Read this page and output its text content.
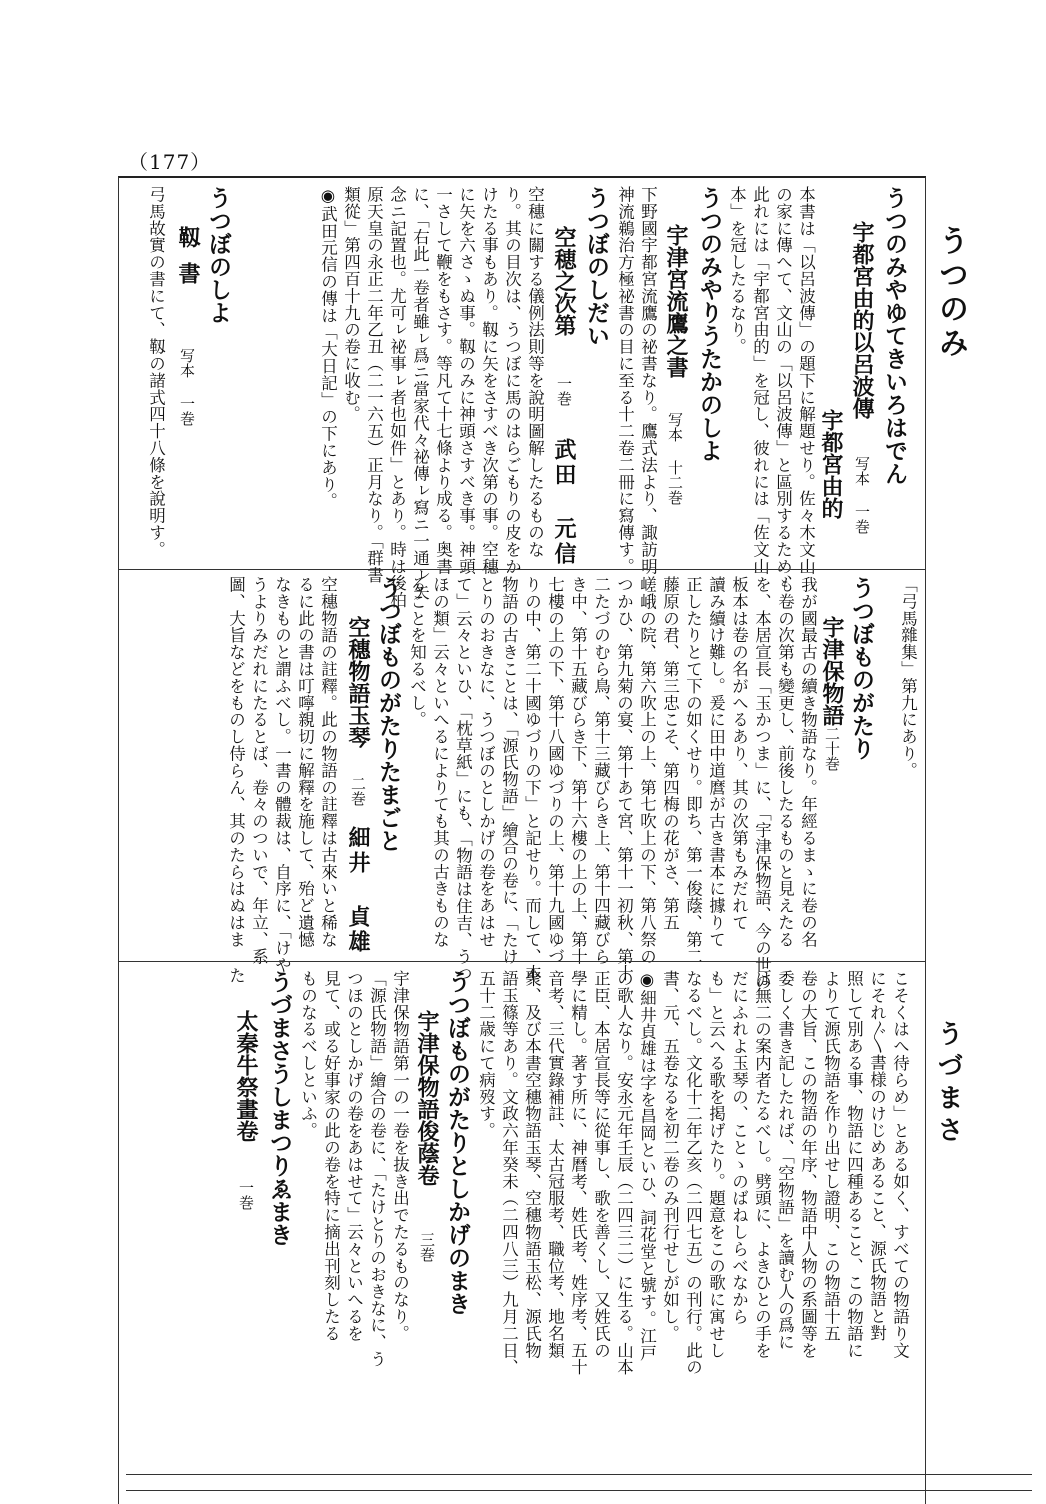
（177）
うつのみ
うづまさ
うつのみやゆてきいろはでん
宇都宮由的以呂波傳
写本 一巻
宇都宮由的
本書は「以呂波傳」の題下に解題せり。佐々木文山
の家に傳へて、文山の「以呂波傳」と區別するため、
此れには「宇都宮由的」を冠し、彼れには「佐文山
本」を冠したるなり。
うつのみやりうたかのしよ
宇津宮流鷹之書
写本 十二巻
下野國宇都宮流鷹の祕書なり。鷹式法より、諏訪明
神流鵜治方極祕書の目に至る十二卷二冊に寫傳す。
うつぼのしだい
空穂之次第
一巻
武田 元信
空穗に關する儀例法則等を說明圖解したるものな
り。其の目次は、うつぼに馬のはらごもりの皮をか
けたる事もあり。靱に矢をさすべき次第の事。空穗
に矢を六さゝぬ事。靱のみに神頭さすべき事。神頭
一さして鞭をもさす。等凡て十七條より成る。奥書
に、「右此一卷者雖ㇾ爲ニ當家代々祕傳ㇾ寫ニ一通ㇾ矢
念ニ記置也。尤可ㇾ祕事ㇾ者也如件」とあり。時は後柏
原天皇の永正二年乙丑（二一六五）正月なり。「群書
類從」第四百十九の卷に收む。
◉武田元信の傳は「大日記」の下にあり。
うつぼのしよ
靱書
写本 一巻
弓馬故實の書にて、靱の諸式四十八條を說明す。
「弓馬雜集」第九にあり。
うつぼものがたり
宇津保物語
二十巻
我が國最古の續き物語なり。年經るまゝに卷の名
も卷の次第も變更し、前後したるものと見えたる
を、本居宣長「玉かつま」に、「宇津保物語、今の世の
板本は卷の名がへるあり、其の次第もみだれて
讀み續け難し。爰に田中道麿が古き書本に據りて
正したりとて下の如くせり。即ち、第一俊蔭、第二
藤原の君、第三忠こそ、第四梅の花がさ、第五
嵯峨の院、第六吹上の上、第七吹上の下、第八祭の
つかひ、第九菊の宴、第十あて宮、第十一初秋、第十
二たづのむら鳥、第十三藏びらき上、第十四藏びら
き中、第十五藏びらき下、第十六樓の上の上、第十
七樓の上の下、第十八國ゆづりの上、第十九國ゆづ
りの中、第二十國ゆづりの下」と記せり。而して、本
物語の古きことは、「源氏物語」繪合の卷に、「たけ
とりのおきなに、うつぼのとしかげの卷をあはせ
て」云々といひ、「枕草紙」にも、「物語は住吉、うつ
ほの類」云々といへるによりても其の古きものな
ることを知るべし。
うつぼものがたりたまごと
空穗物語玉琴
二巻
細井 貞雄
空穗物語の註釋。此の物語の註釋は古來いと稀な
るに此の書は叮嚀親切に解釋を施して、殆ど遺憾
なきものと謂ふべし。一書の體裁は、自序に、「けや
うよりみだれにたるとば、卷々のついで、年立、系
圖、大旨などをものし侍らん、其のたらはぬはま た
こそくはへ待らめ」とある如く、すべての物語り文
にそれ〲書様のけじめあること、源氏物語と對
照して別ある事、物語に四種あること、この物語に
よりて源氏物語を作り出せし證明、この物語十五
卷の大旨、この物語の年序、物語中人物の系圖等を
委しく書き記したれば、「空物語」を讀む人の爲に
は無二の案内者たるべし。劈頭に、よきひとの手を
だにふれよ玉琴の、ことゝのばねしらべなから
も」と云へる歌を掲げたり。題意をこの歌に寓せし
なるべし。文化十二年乙亥（二四七五）の刊行。此の
書、元、五卷なるを初二卷のみ刊行せしが如し。
◉細井貞雄は字を昌岡といひ、詞花堂と號す。江戸
の歌人なり。安永元年壬辰（二四三二）に生る。山本
正臣、本居宣長等に從事し、歌を善くし、又姓氏の
學に精し。著す所に、神曆考、姓氏考、姓序考、五十
音考、三代實錄補註、太古冠服考、職位考、地名類
聚、及び本書空穗物語玉琴、空穗物語玉松、源氏物
語玉篠等あり。文政六年癸未（二四八三）九月二日、
五十二歳にて病歿す。
うつぼものがたりとしかげのまき
宇津保物語俊蔭卷
三巻
宇津保物語第一の一卷を抜き出でたるものなり。
「源氏物語」繪合の卷に、「たけとりのおきなに、う
つほのとしかげの卷をあはせて」云々といへるを
見て、或る好事家の此の卷を特に摘出刊刻したる
ものなるべしといふ。
うづまさうしまつりゑまき
太秦牛祭畫卷
一巻
